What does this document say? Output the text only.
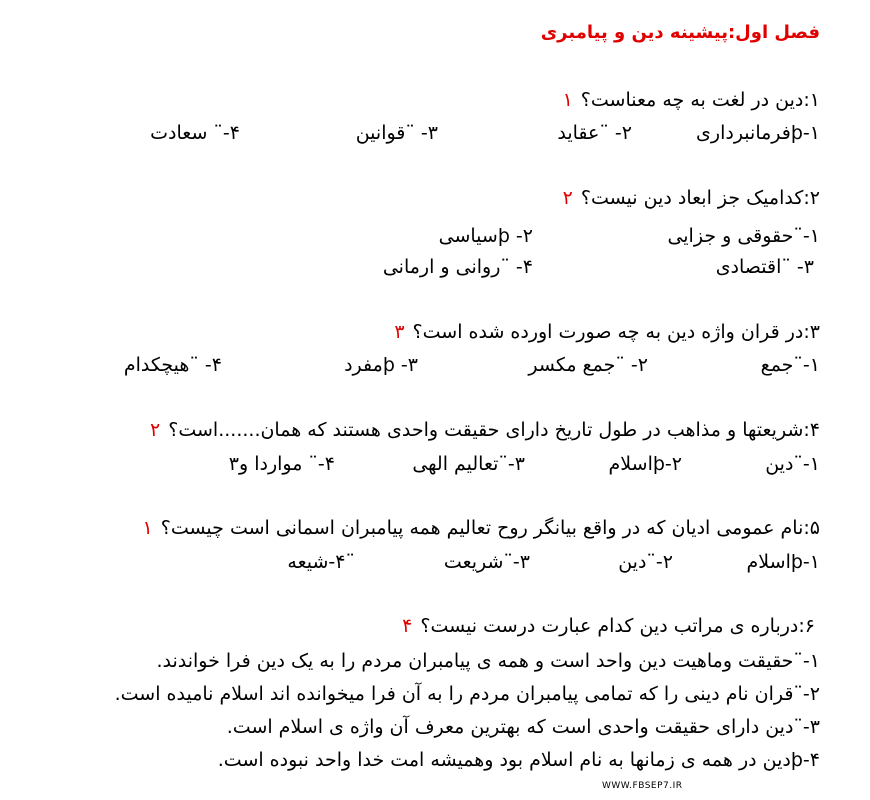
فصل اول:پیشینه دین و پیامبری
۱:دین در لغت به چه معناست؟۱
۱-þفرمانبرداری
۲- ¨عقاید
۳- ¨قوانین
۴-¨ سعادت
۲:کدامیک جز ابعاد دین نیست؟۲
۱-¨حقوقی و جزایی
۲- þسیاسی
۳- ¨اقتصادی
۴- ¨روانی و ارمانی
۳:در قران واژه دین به چه صورت اورده شده است؟۳
۱-¨جمع
۲- ¨جمع مکسر
۳- þمفرد
۴- ¨هیچکدام
۴:شریعتها و مذاهب در طول تاریخ دارای حقیقت واحدی هستند که همان.......است؟۲
۱-¨دین
۲-þاسلام
۳-¨تعالیم الهی
۴-¨ مواردا و۳
۵:نام عمومی ادیان که در واقع بیانگر روح تعالیم همه پیامبران اسمانی است چیست؟۱
۱-þاسلام
۲-¨دین
۳-¨شریعت
¨۴-شیعه
۶:درباره ی مراتب دین کدام عبارت درست نیست؟۴
۱-¨حقیقت وماهیت دین واحد است و همه ی پیامبران مردم را به یک دین فرا خواندند.
۲-¨قران نام دینی را که تمامی پیامبران مردم را به آن فرا میخوانده اند اسلام نامیده است.
۳-¨دین دارای حقیقت واحدی است که بهترین معرف آن واژه ی اسلام است.
۴-þدین در همه ی زمانها به نام اسلام بود وهمیشه امت خدا واحد نبوده است.
WWW.FBSEP7.IR
